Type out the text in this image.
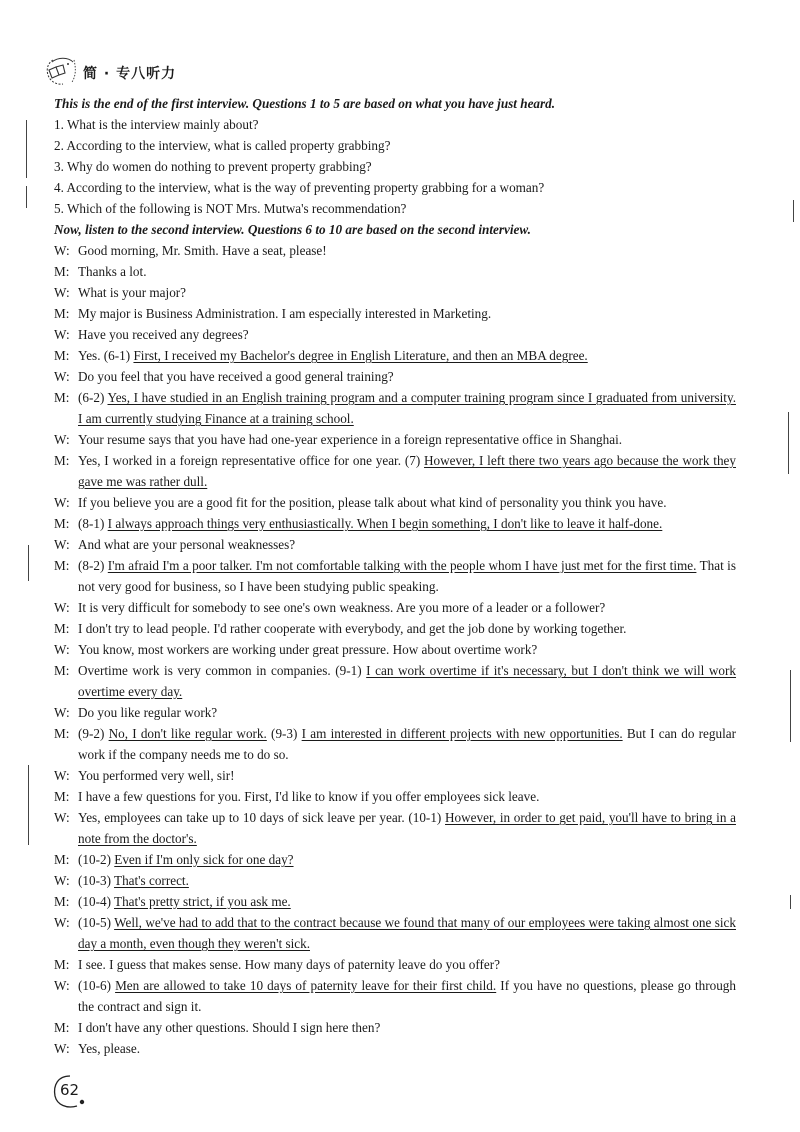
简 · 专八听力
This is the end of the first interview. Questions 1 to 5 are based on what you have just heard.
1. What is the interview mainly about?
2. According to the interview, what is called property grabbing?
3. Why do women do nothing to prevent property grabbing?
4. According to the interview, what is the way of preventing property grabbing for a woman?
5. Which of the following is NOT Mrs. Mutwa's recommendation?
Now, listen to the second interview. Questions 6 to 10 are based on the second interview.
W: Good morning, Mr. Smith. Have a seat, please!
M: Thanks a lot.
W: What is your major?
M: My major is Business Administration. I am especially interested in Marketing.
W: Have you received any degrees?
M: Yes. (6-1) First, I received my Bachelor's degree in English Literature, and then an MBA degree.
W: Do you feel that you have received a good general training?
M: (6-2) Yes, I have studied in an English training program and a computer training program since I graduated from university. I am currently studying Finance at a training school.
W: Your resume says that you have had one-year experience in a foreign representative office in Shanghai.
M: Yes, I worked in a foreign representative office for one year. (7) However, I left there two years ago because the work they gave me was rather dull.
W: If you believe you are a good fit for the position, please talk about what kind of personality you think you have.
M: (8-1) I always approach things very enthusiastically. When I begin something, I don't like to leave it half-done.
W: And what are your personal weaknesses?
M: (8-2) I'm afraid I'm a poor talker. I'm not comfortable talking with the people whom I have just met for the first time. That is not very good for business, so I have been studying public speaking.
W: It is very difficult for somebody to see one's own weakness. Are you more of a leader or a follower?
M: I don't try to lead people. I'd rather cooperate with everybody, and get the job done by working together.
W: You know, most workers are working under great pressure. How about overtime work?
M: Overtime work is very common in companies. (9-1) I can work overtime if it's necessary, but I don't think we will work overtime every day.
W: Do you like regular work?
M: (9-2) No, I don't like regular work. (9-3) I am interested in different projects with new opportunities. But I can do regular work if the company needs me to do so.
W: You performed very well, sir!
M: I have a few questions for you. First, I'd like to know if you offer employees sick leave.
W: Yes, employees can take up to 10 days of sick leave per year. (10-1) However, in order to get paid, you'll have to bring in a note from the doctor's.
M: (10-2) Even if I'm only sick for one day?
W: (10-3) That's correct.
M: (10-4) That's pretty strict, if you ask me.
W: (10-5) Well, we've had to add that to the contract because we found that many of our employees were taking almost one sick day a month, even though they weren't sick.
M: I see. I guess that makes sense. How many days of paternity leave do you offer?
W: (10-6) Men are allowed to take 10 days of paternity leave for their first child. If you have no questions, please go through the contract and sign it.
M: I don't have any other questions. Should I sign here then?
W: Yes, please.
62
